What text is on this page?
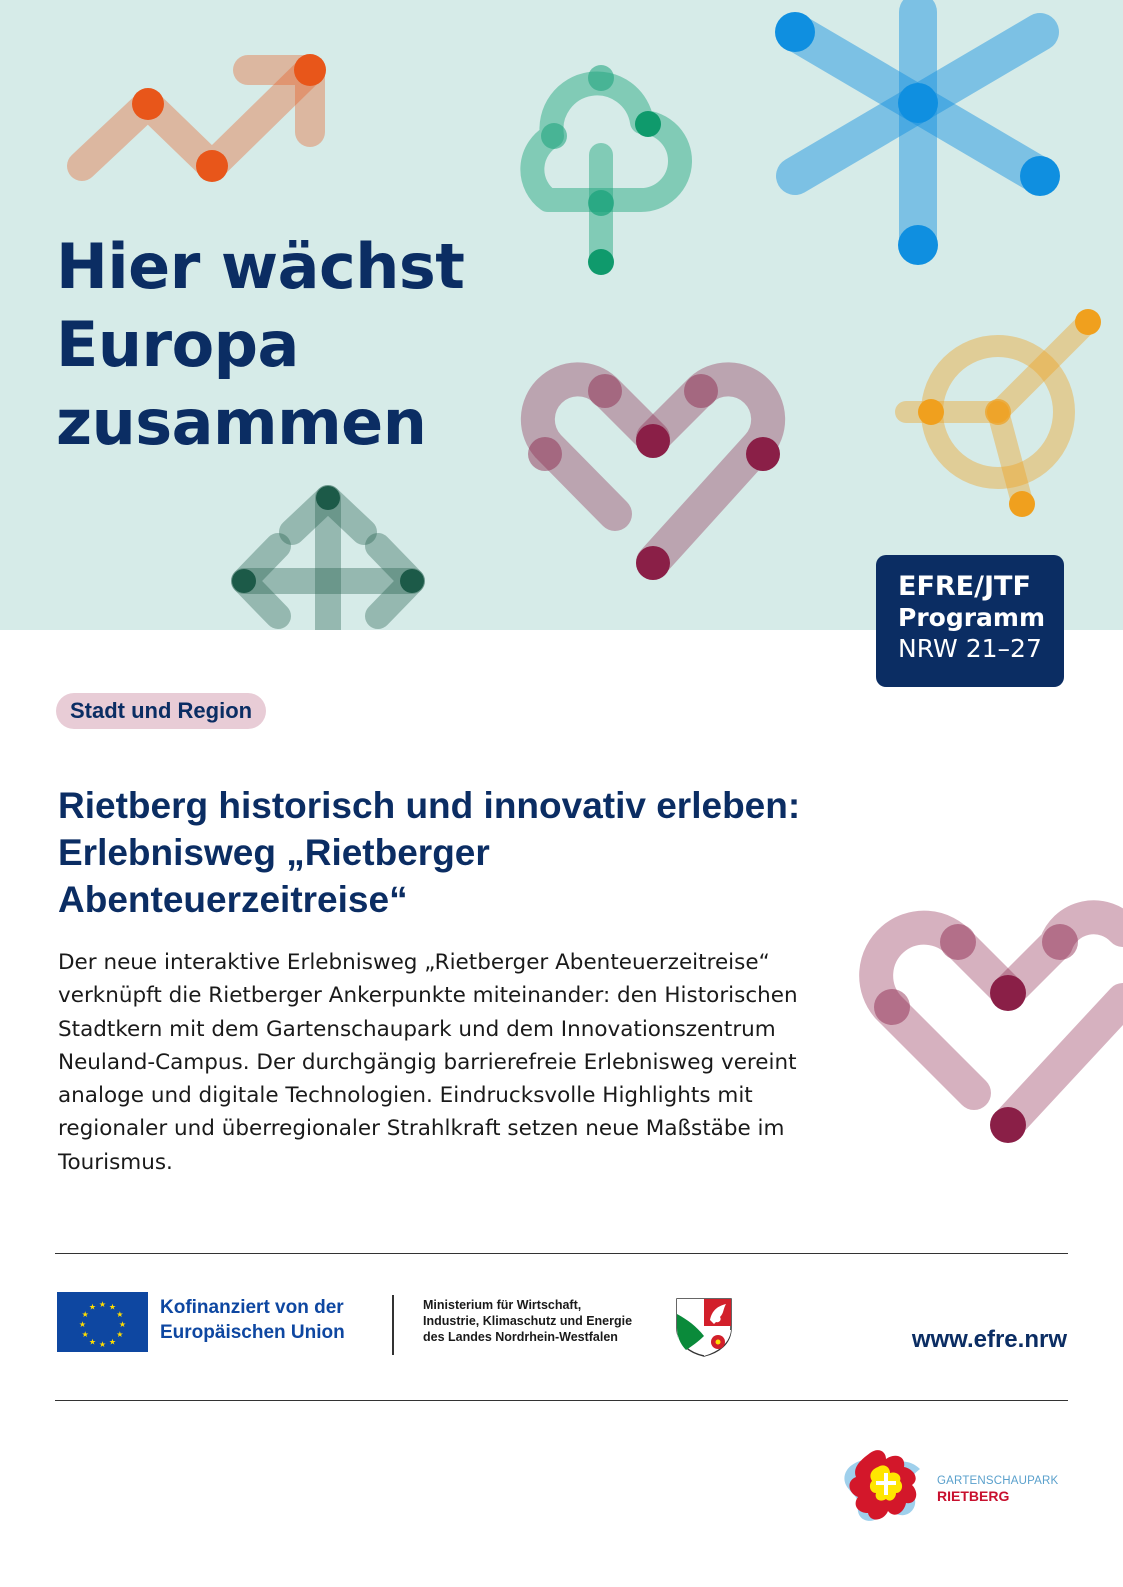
Hier wächst
Europa
zusammen
EFRE/JTF
Programm
NRW 21–27
Stadt und Region
Rietberg historisch und innovativ erleben:
Erlebnisweg „Rietberger
Abenteuerzeitreise“

Der neue interaktive Erlebnisweg „Rietberger Abenteuerzeitreise“ verknüpft die Rietberger Ankerpunkte miteinander: den Historischen Stadtkern mit dem Gartenschaupark und dem Innovationszentrum Neuland-Campus. Der durchgängig barrierefreie Erlebnisweg vereint analoge und digitale Technologien. Eindrucksvolle Highlights mit regionaler und überregionaler Strahlkraft setzen neue Maßstäbe im Tourismus.

★ ★
★
★
★
★
★
★
★
★
★
★	Kofinanziert von der
Europäischen Union
Ministerium für Wirtschaft,
Industrie, Klimaschutz und Energie
des Landes Nordrhein-Westfalen	www.efre.nrw
GARTENSCHAUPARK
RIETBERG
